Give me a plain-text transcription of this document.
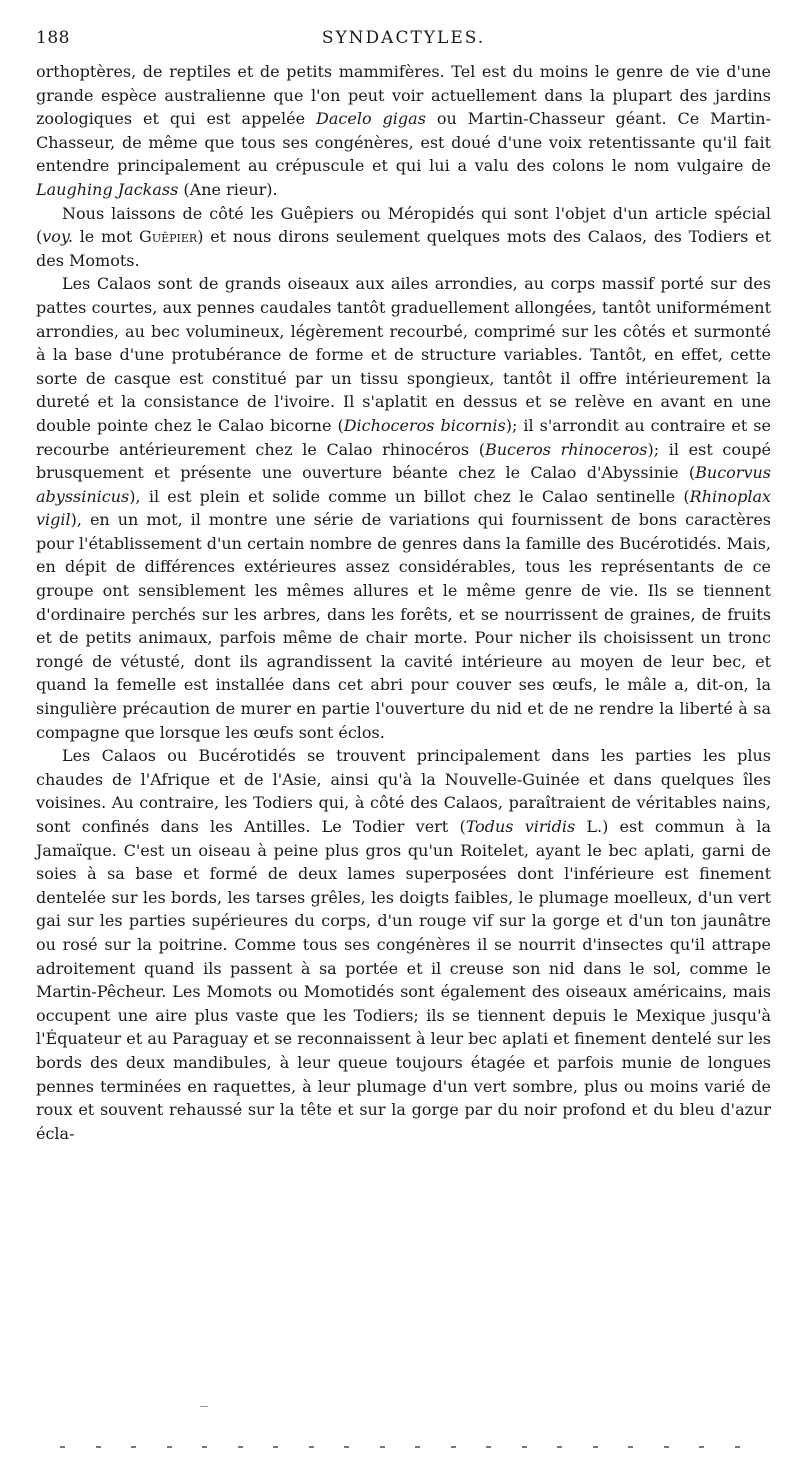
188	SYNDACTYLES.

orthoptères, de reptiles et de petits mammifères. Tel est du moins le genre de vie d'une grande espèce australienne que l'on peut voir actuellement dans la plupart des jardins zoologiques et qui est appelée Dacelo gigas ou Martin-Chasseur géant. Ce Martin-Chasseur, de même que tous ses congénères, est doué d'une voix retentissante qu'il fait entendre principalement au crépuscule et qui lui a valu des colons le nom vulgaire de Laughing Jackass (Ane rieur).

Nous laissons de côté les Guêpiers ou Méropidés qui sont l'objet d'un article spécial (voy. le mot Guêpier) et nous dirons seulement quelques mots des Calaos, des Todiers et des Momots.

Les Calaos sont de grands oiseaux aux ailes arrondies, au corps massif porté sur des pattes courtes, aux pennes caudales tantôt graduellement allongées, tantôt uniformément arrondies, au bec volumineux, légèrement recourbé, comprimé sur les côtés et surmonté à la base d'une protubérance de forme et de structure variables. Tantôt, en effet, cette sorte de casque est constitué par un tissu spongieux, tantôt il offre intérieurement la dureté et la consistance de l'ivoire. Il s'aplatit en dessus et se relève en avant en une double pointe chez le Calao bicorne (Dichoceros bicornis); il s'arrondit au contraire et se recourbe antérieurement chez le Calao rhinocéros (Buceros rhinoceros); il est coupé brusquement et présente une ouverture béante chez le Calao d'Abyssinie (Bucorvus abyssinicus), il est plein et solide comme un billot chez le Calao sentinelle (Rhinoplax vigil), en un mot, il montre une série de variations qui fournissent de bons caractères pour l'établissement d'un certain nombre de genres dans la famille des Bucérotidés. Mais, en dépit de différences extérieures assez considérables, tous les représentants de ce groupe ont sensiblement les mêmes allures et le même genre de vie. Ils se tiennent d'ordinaire perchés sur les arbres, dans les forêts, et se nourrissent de graines, de fruits et de petits animaux, parfois même de chair morte. Pour nicher ils choisissent un tronc rongé de vétusté, dont ils agrandissent la cavité intérieure au moyen de leur bec, et quand la femelle est installée dans cet abri pour couver ses œufs, le mâle a, dit-on, la singulière précaution de murer en partie l'ouverture du nid et de ne rendre la liberté à sa compagne que lorsque les œufs sont éclos.

Les Calaos ou Bucérotidés se trouvent principalement dans les parties les plus chaudes de l'Afrique et de l'Asie, ainsi qu'à la Nouvelle-Guinée et dans quelques îles voisines. Au contraire, les Todiers qui, à côté des Calaos, paraîtraient de véritables nains, sont confinés dans les Antilles. Le Todier vert (Todus viridis L.) est commun à la Jamaïque. C'est un oiseau à peine plus gros qu'un Roitelet, ayant le bec aplati, garni de soies à sa base et formé de deux lames superposées dont l'inférieure est finement dentelée sur les bords, les tarses grêles, les doigts faibles, le plumage moelleux, d'un vert gai sur les parties supérieures du corps, d'un rouge vif sur la gorge et d'un ton jaunâtre ou rosé sur la poitrine. Comme tous ses congénères il se nourrit d'insectes qu'il attrape adroitement quand ils passent à sa portée et il creuse son nid dans le sol, comme le Martin-Pêcheur. Les Momots ou Momotidés sont également des oiseaux américains, mais occupent une aire plus vaste que les Todiers; ils se tiennent depuis le Mexique jusqu'à l'Équateur et au Paraguay et se reconnaissent à leur bec aplati et finement dentelé sur les bords des deux mandibules, à leur queue toujours étagée et parfois munie de longues pennes terminées en raquettes, à leur plumage d'un vert sombre, plus ou moins varié de roux et souvent rehaussé sur la tête et sur la gorge par du noir profond et du bleu d'azur écla-
